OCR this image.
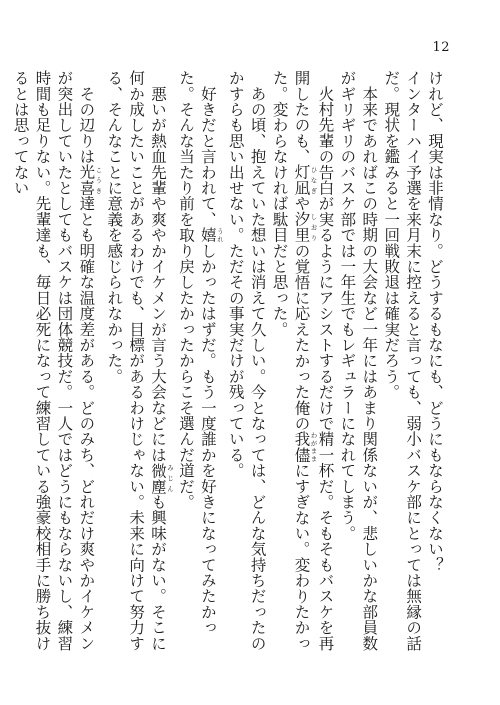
12

けれど、現実は非情なり。どうするもなにも、どうにもならなくない？

インターハイ予選を来月末に控えると言っても、弱小バスケ部にとっては無縁の話だ。現状を鑑みると一回戦敗退は確実だろう。

　本来であればこの時期の大会など一年にはあまり関係ないが、悲しいかな部員数がギリギリのバスケ部では一年生でもレギュラーになれてしまう。

　火村先輩の告白が実るようにアシストするだけで精一杯だ。そもそもバスケを再開したのも、灯凪 ひなぎや汐里 しおりの覚悟に応えたかった俺の我儘 わがままにすぎない。変わりたかった。変わらなければ駄目だと思った。

　あの頃、抱えていた想いは消えて久しい。今となっては、どんな気持ちだったのかすらも思い出せない。ただその事実だけが残っている。

　好きだと言われて、嬉 うれしかったはずだ。もう一度誰かを好きになってみたかった。そんな当たり前を取り戻したかったからこそ選んだ道だ。

　悪いが熱血先輩や爽やかイケメンが言う大会などには微塵 みじんも興味がない。そこに何か成したいことがあるわけでも、目標があるわけじゃない。未来に向けて努力する、そんなことに意義を感じられなかった。

　その辺りは光喜 こうき達とも明確な温度差がある。どのみち、どれだけ爽やかイケメンが突出していたとしてもバスケは団体競技だ。一人ではどうにもならないし、練習時間も足りない。先輩達も、毎日必死になって練習している強豪校相手に勝ち抜けるとは思ってない
